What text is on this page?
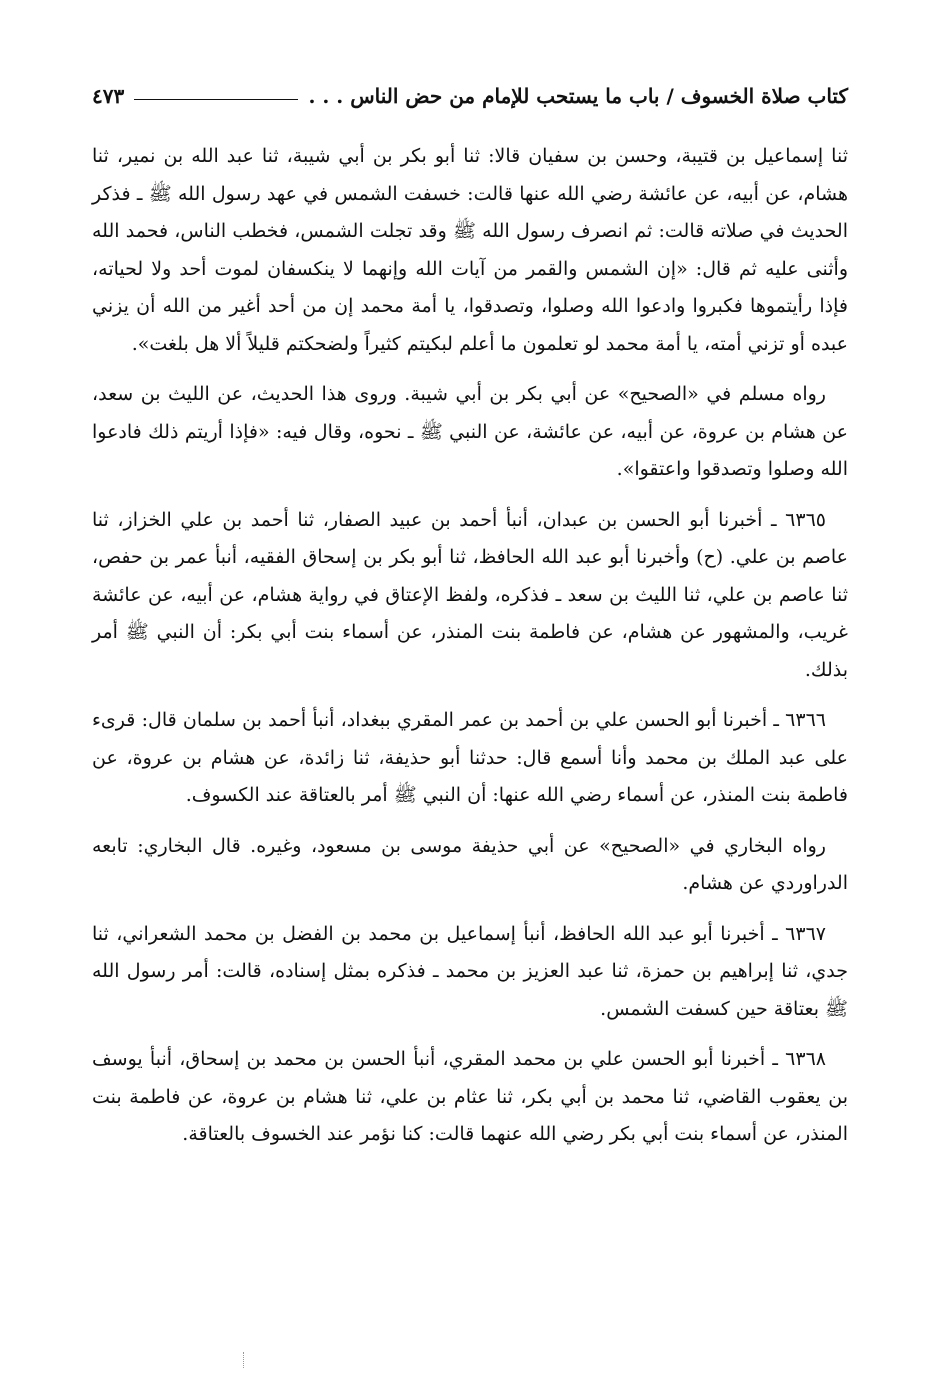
كتاب صلاة الخسوف / باب ما يستحب للإمام من حض الناس . . .
٤٧٣

ثنا إسماعيل بن قتيبة، وحسن بن سفيان قالا: ثنا أبو بكر بن أبي شيبة، ثنا عبد الله بن نمير، ثنا هشام، عن أبيه، عن عائشة رضي الله عنها قالت: خسفت الشمس في عهد رسول الله ﷺ ـ فذكر الحديث في صلاته قالت: ثم انصرف رسول الله ﷺ وقد تجلت الشمس، فخطب الناس، فحمد الله وأثنى عليه ثم قال: «إن الشمس والقمر من آيات الله وإنهما لا ينكسفان لموت أحد ولا لحياته، فإذا رأيتموها فكبروا وادعوا الله وصلوا، وتصدقوا، يا أمة محمد إن من أحد أغير من الله أن يزني عبده أو تزني أمته، يا أمة محمد لو تعلمون ما أعلم لبكيتم كثيراً ولضحكتم قليلاً ألا هل بلغت».

رواه مسلم في «الصحيح» عن أبي بكر بن أبي شيبة. وروى هذا الحديث، عن الليث بن سعد، عن هشام بن عروة، عن أبيه، عن عائشة، عن النبي ﷺ ـ نحوه، وقال فيه: «فإذا أريتم ذلك فادعوا الله وصلوا وتصدقوا واعتقوا».

٦٣٦٥ ـ أخبرنا أبو الحسن بن عبدان، أنبأ أحمد بن عبيد الصفار، ثنا أحمد بن علي الخزاز، ثنا عاصم بن علي. (ح) وأخبرنا أبو عبد الله الحافظ، ثنا أبو بكر بن إسحاق الفقيه، أنبأ عمر بن حفص، ثنا عاصم بن علي، ثنا الليث بن سعد ـ فذكره، ولفظ الإعتاق في رواية هشام، عن أبيه، عن عائشة غريب، والمشهور عن هشام، عن فاطمة بنت المنذر، عن أسماء بنت أبي بكر: أن النبي ﷺ أمر بذلك.

٦٣٦٦ ـ أخبرنا أبو الحسن علي بن أحمد بن عمر المقري ببغداد، أنبأ أحمد بن سلمان قال: قرىء على عبد الملك بن محمد وأنا أسمع قال: حدثنا أبو حذيفة، ثنا زائدة، عن هشام بن عروة، عن فاطمة بنت المنذر، عن أسماء رضي الله عنها: أن النبي ﷺ أمر بالعتاقة عند الكسوف.

رواه البخاري في «الصحيح» عن أبي حذيفة موسى بن مسعود، وغيره. قال البخاري: تابعه الدراوردي عن هشام.

٦٣٦٧ ـ أخبرنا أبو عبد الله الحافظ، أنبأ إسماعيل بن محمد بن الفضل بن محمد الشعراني، ثنا جدي، ثنا إبراهيم بن حمزة، ثنا عبد العزيز بن محمد ـ فذكره بمثل إسناده، قالت: أمر رسول الله ﷺ بعتاقة حين كسفت الشمس.

٦٣٦٨ ـ أخبرنا أبو الحسن علي بن محمد المقري، أنبأ الحسن بن محمد بن إسحاق، أنبأ يوسف بن يعقوب القاضي، ثنا محمد بن أبي بكر، ثنا عثام بن علي، ثنا هشام بن عروة، عن فاطمة بنت المنذر، عن أسماء بنت أبي بكر رضي الله عنهما قالت: كنا نؤمر عند الخسوف بالعتاقة.
